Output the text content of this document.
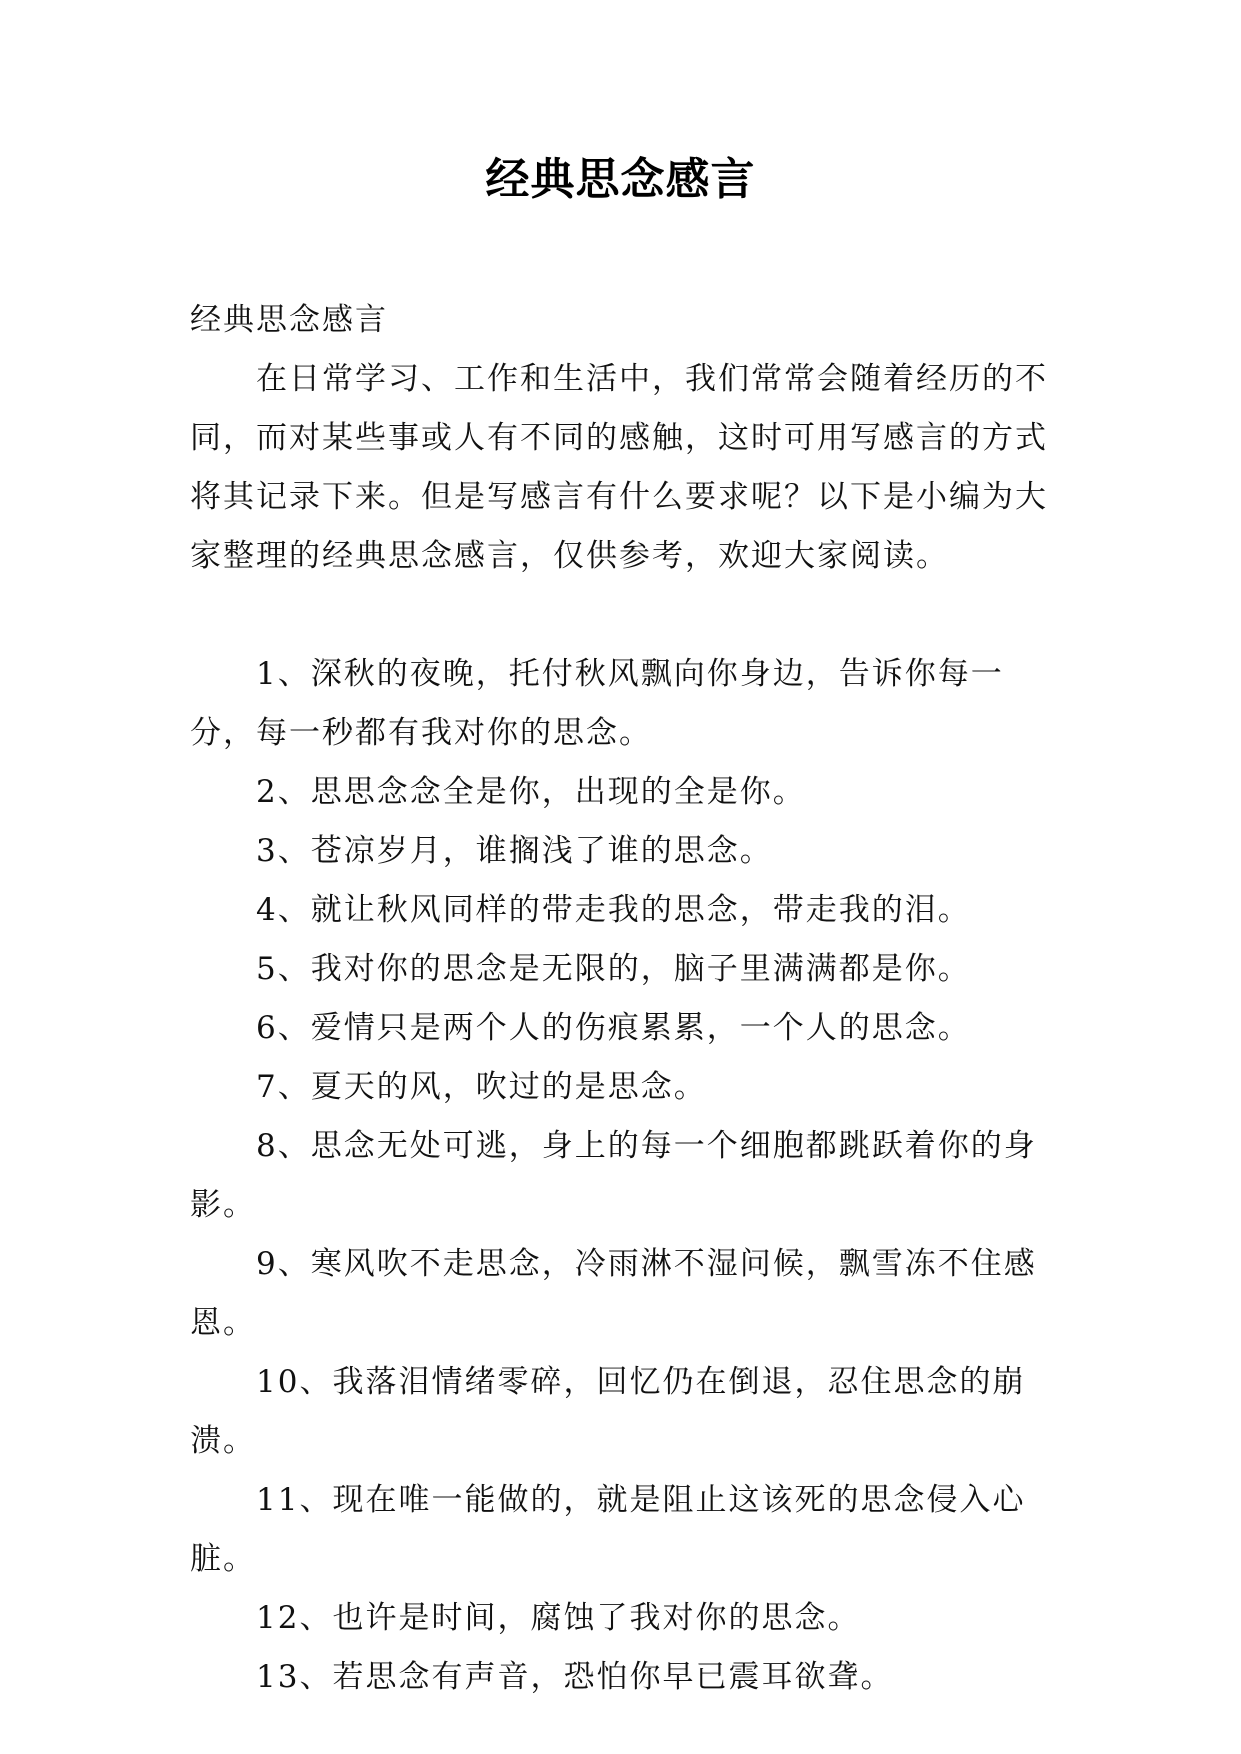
经典思念感言

经典思念感言

在日常学习、工作和生活中，我们常常会随着经历的不同，而对某些事或人有不同的感触，这时可用写感言的方式将其记录下来。但是写感言有什么要求呢？以下是小编为大家整理的经典思念感言，仅供参考，欢迎大家阅读。

1、深秋的夜晚，托付秋风飘向你身边，告诉你每一分，每一秒都有我对你的思念。

2、思思念念全是你，出现的全是你。

3、苍凉岁月，谁搁浅了谁的思念。

4、就让秋风同样的带走我的思念，带走我的泪。

5、我对你的思念是无限的，脑子里满满都是你。

6、爱情只是两个人的伤痕累累，一个人的思念。

7、夏天的风，吹过的是思念。

8、思念无处可逃，身上的每一个细胞都跳跃着你的身影。

9、寒风吹不走思念，冷雨淋不湿问候，飘雪冻不住感恩。

10、我落泪情绪零碎，回忆仍在倒退，忍住思念的崩溃。

11、现在唯一能做的，就是阻止这该死的思念侵入心脏。

12、也许是时间，腐蚀了我对你的思念。

13、若思念有声音，恐怕你早已震耳欲聋。
